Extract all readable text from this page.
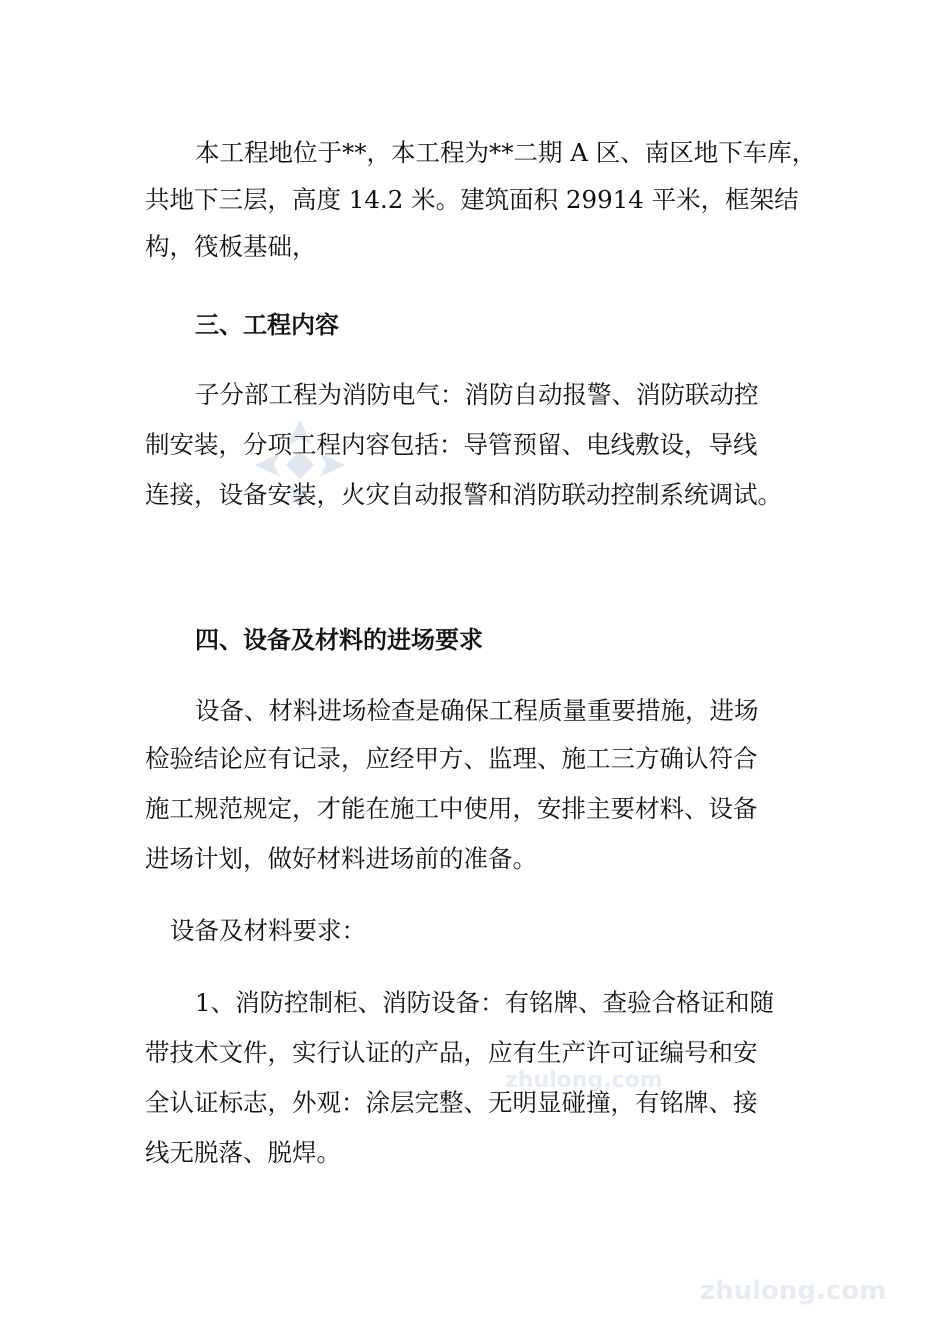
zhulong.com
zhulong.com
本工程地位于**，本工程为**二期 A 区、南区地下车库，
共地下三层，高度 14.2 米。建筑面积 29914 平米，框架结
构，筏板基础，
三、工程内容
子分部工程为消防电气：消防自动报警、消防联动控
制安装，分项工程内容包括：导管预留、电线敷设，导线
连接，设备安装，火灾自动报警和消防联动控制系统调试。
四、设备及材料的进场要求
设备、材料进场检查是确保工程质量重要措施，进场
检验结论应有记录，应经甲方、监理、施工三方确认符合
施工规范规定，才能在施工中使用，安排主要材料、设备
进场计划，做好材料进场前的准备。
设备及材料要求：
1、消防控制柜、消防设备：有铭牌、查验合格证和随
带技术文件，实行认证的产品，应有生产许可证编号和安
全认证标志，外观：涂层完整、无明显碰撞，有铭牌、接
线无脱落、脱焊。
